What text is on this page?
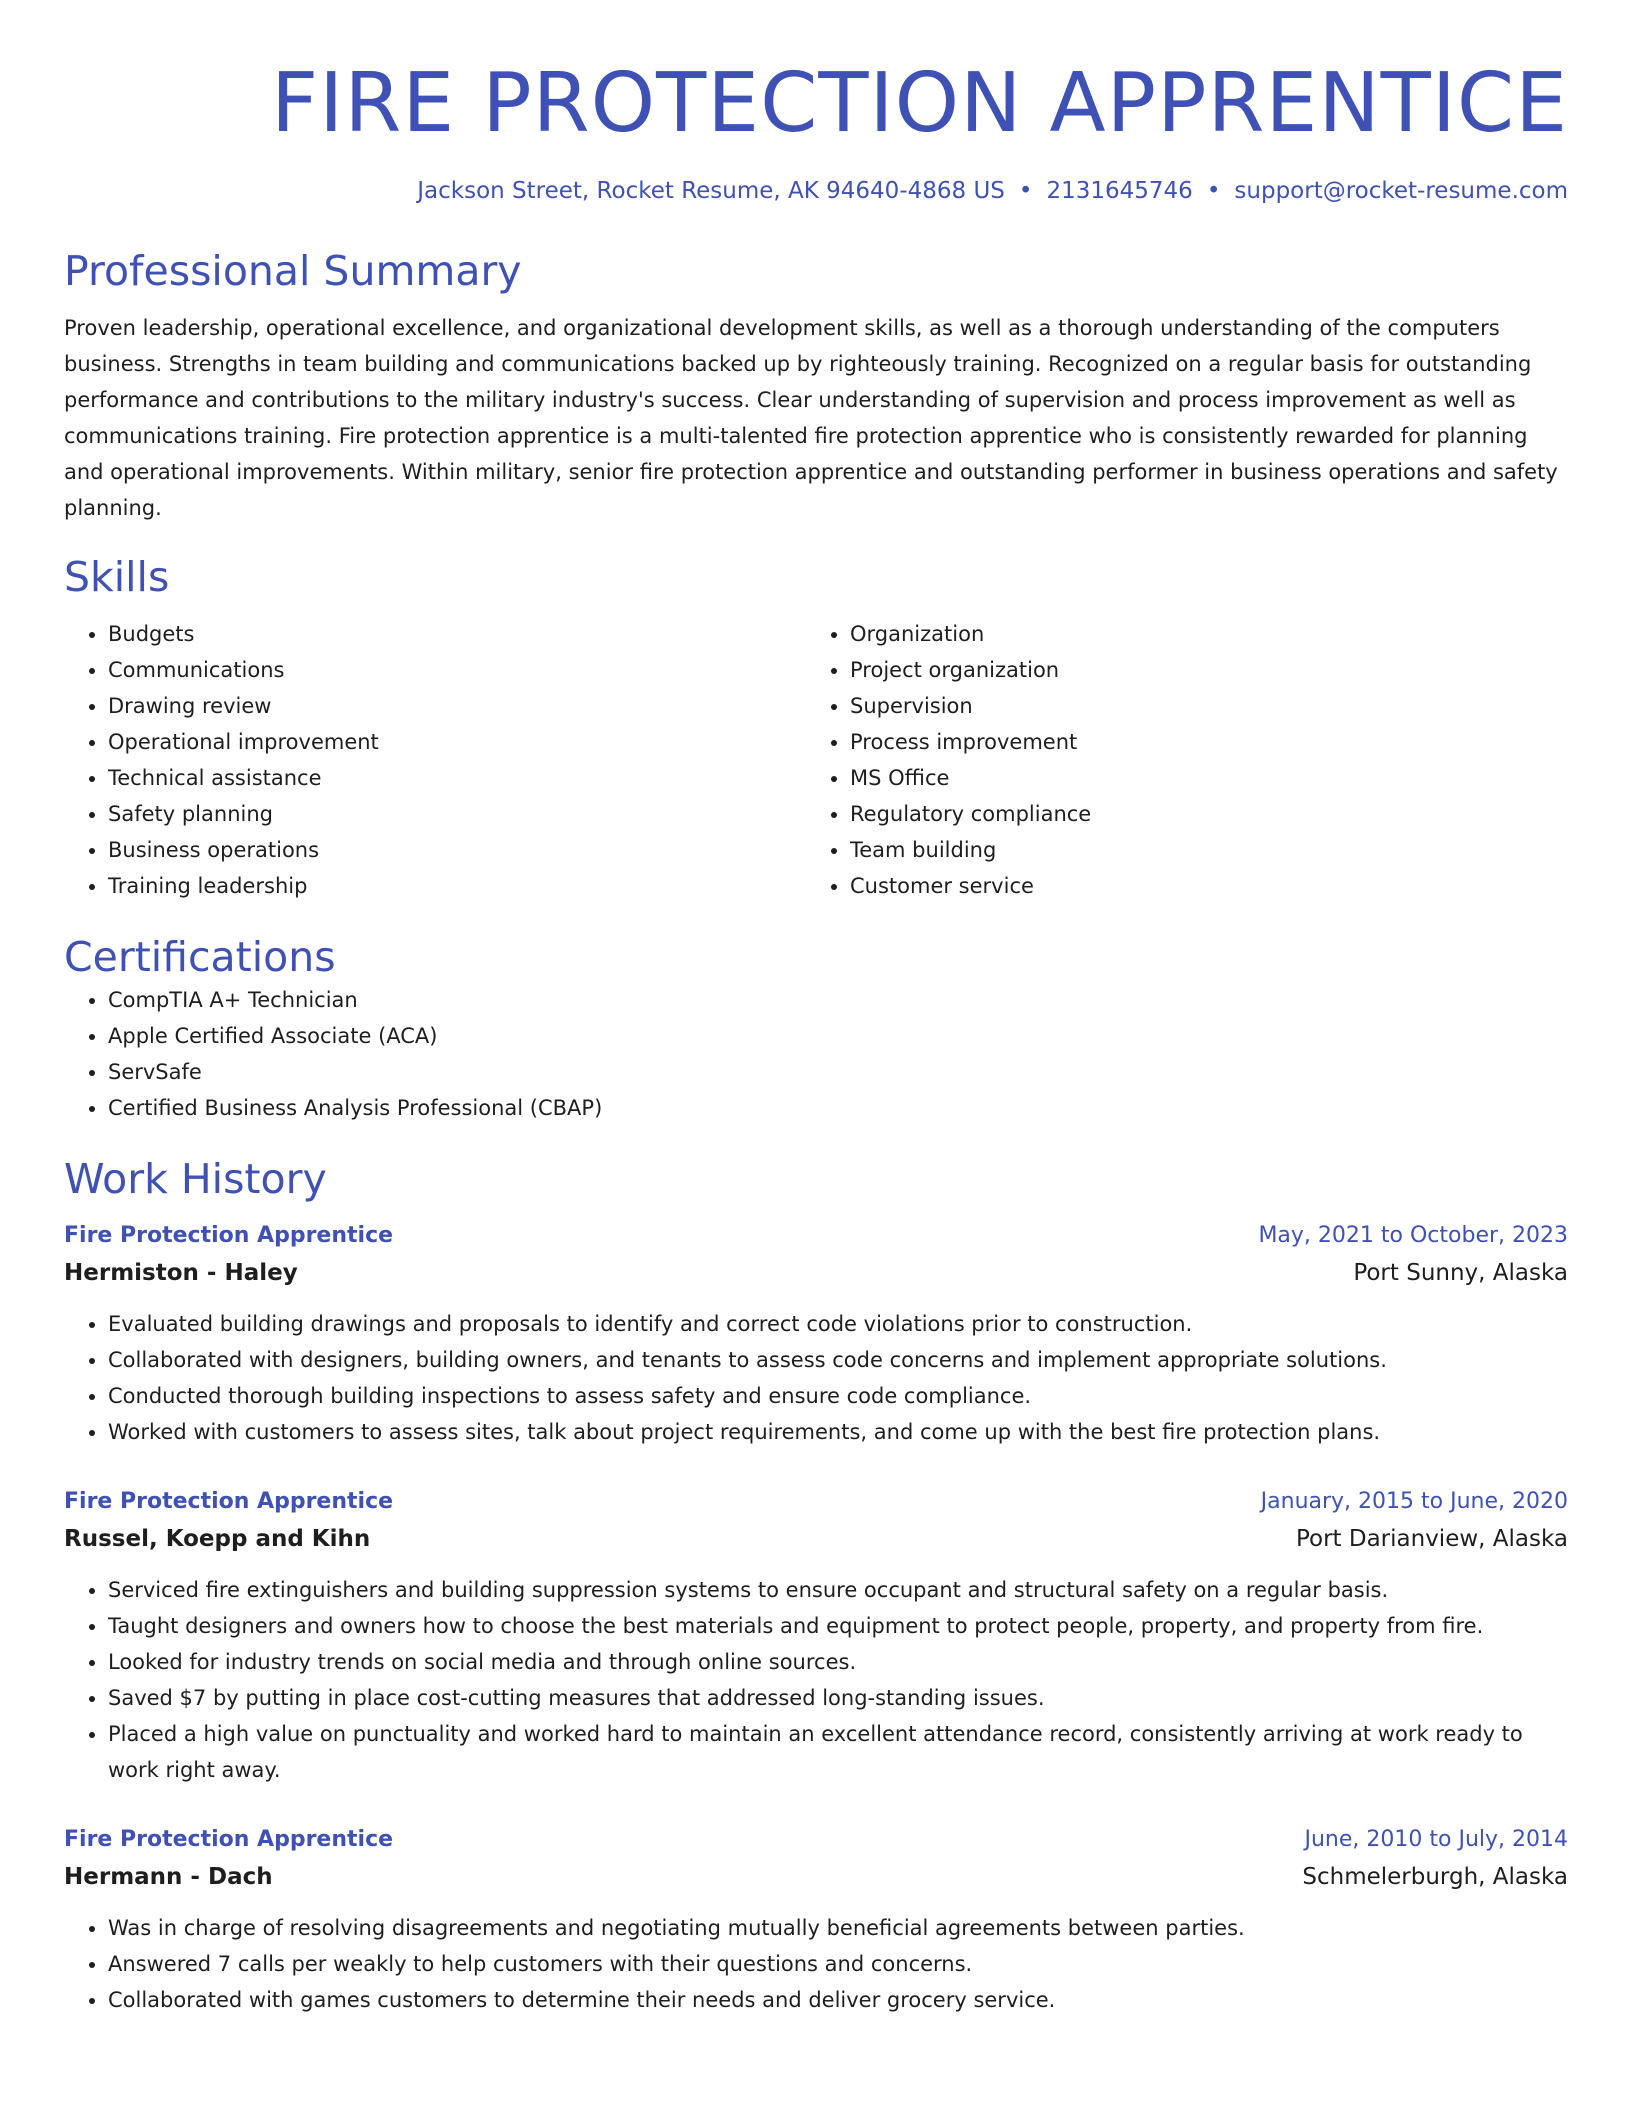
FIRE PROTECTION APPRENTICE
Jackson Street, Rocket Resume, AK 94640-4868 US • 2131645746 • support@rocket-resume.com
Professional Summary
Proven leadership, operational excellence, and organizational development skills, as well as a thorough understanding of the computers business. Strengths in team building and communications backed up by righteously training. Recognized on a regular basis for outstanding performance and contributions to the military industry's success. Clear understanding of supervision and process improvement as well as communications training. Fire protection apprentice is a multi-talented fire protection apprentice who is consistently rewarded for planning and operational improvements. Within military, senior fire protection apprentice and outstanding performer in business operations and safety planning.
Skills
• Budgets
• Communications
• Drawing review
• Operational improvement
• Technical assistance
• Safety planning
• Business operations
• Training leadership
• Organization
• Project organization
• Supervision
• Process improvement
• MS Office
• Regulatory compliance
• Team building
• Customer service
Certifications
• CompTIA A+ Technician
• Apple Certified Associate (ACA)
• ServSafe
• Certified Business Analysis Professional (CBAP)
Work History
Fire Protection Apprentice	May, 2021 to October, 2023
Hermiston - Haley	Port Sunny, Alaska
• Evaluated building drawings and proposals to identify and correct code violations prior to construction.
• Collaborated with designers, building owners, and tenants to assess code concerns and implement appropriate solutions.
• Conducted thorough building inspections to assess safety and ensure code compliance.
• Worked with customers to assess sites, talk about project requirements, and come up with the best fire protection plans.
Fire Protection Apprentice	January, 2015 to June, 2020
Russel, Koepp and Kihn	Port Darianview, Alaska
• Serviced fire extinguishers and building suppression systems to ensure occupant and structural safety on a regular basis.
• Taught designers and owners how to choose the best materials and equipment to protect people, property, and property from fire.
• Looked for industry trends on social media and through online sources.
• Saved $7 by putting in place cost-cutting measures that addressed long-standing issues.
• Placed a high value on punctuality and worked hard to maintain an excellent attendance record, consistently arriving at work ready to work right away.
Fire Protection Apprentice	June, 2010 to July, 2014
Hermann - Dach	Schmelerburgh, Alaska
• Was in charge of resolving disagreements and negotiating mutually beneficial agreements between parties.
• Answered 7 calls per weakly to help customers with their questions and concerns.
• Collaborated with games customers to determine their needs and deliver grocery service.
